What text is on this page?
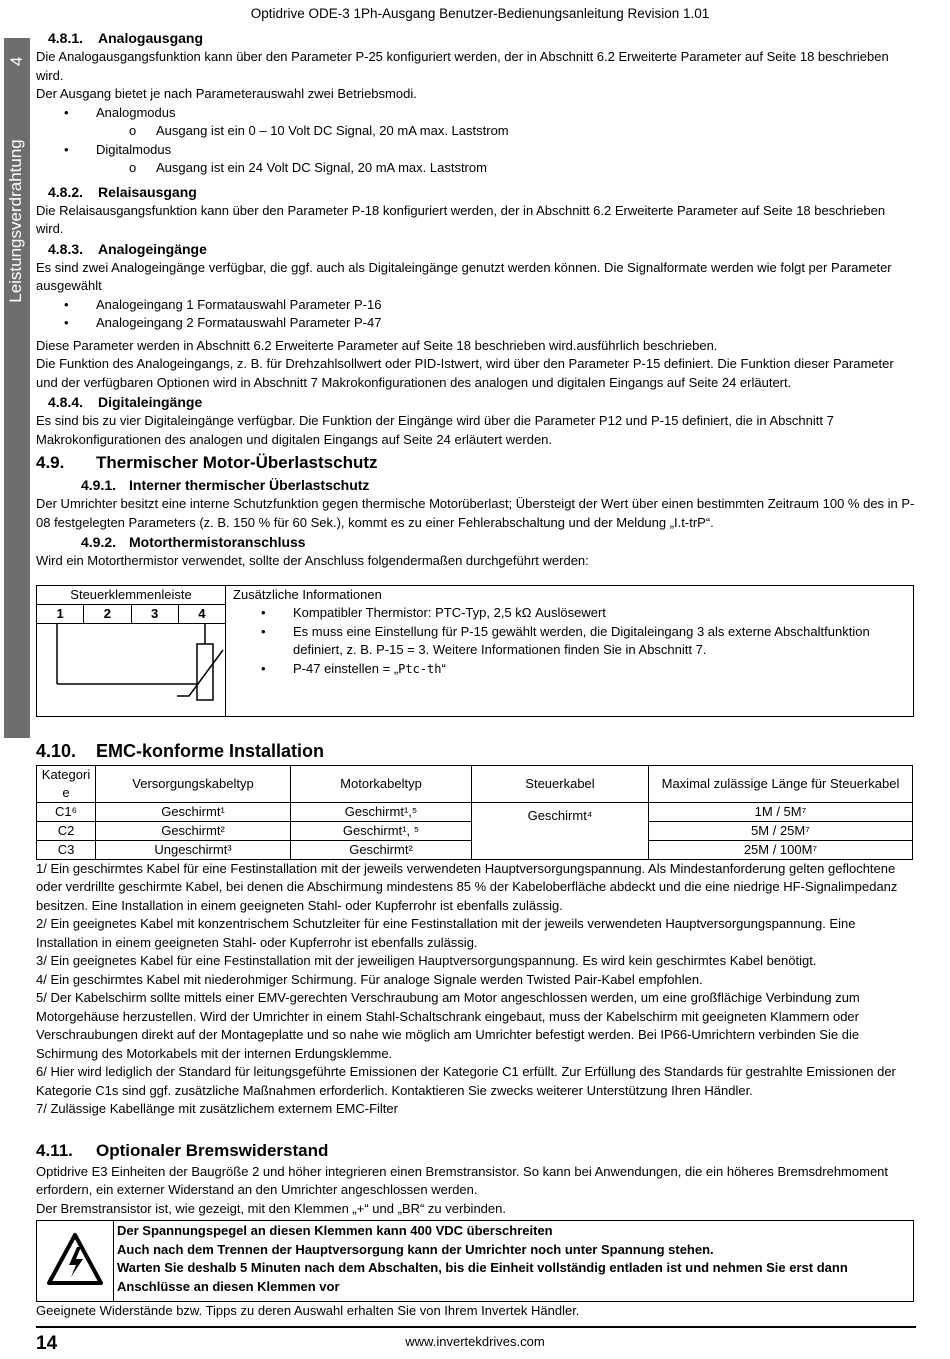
Optidrive ODE-3 1Ph-Ausgang Benutzer-Bedienungsanleitung Revision 1.01
4
Leistungsverdrahtung
4.8.1. Analogausgang

Die Analogausgangsfunktion kann über den Parameter P-25 konfiguriert werden, der in Abschnitt 6.2 Erweiterte Parameter auf Seite 18 beschrieben wird.

Der Ausgang bietet je nach Parameterauswahl zwei Betriebsmodi.

• Analogmodus
o Ausgang ist ein 0 – 10 Volt DC Signal, 20 mA max. Laststrom
• Digitalmodus
o Ausgang ist ein 24 Volt DC Signal, 20 mA max. Laststrom
4.8.2. Relaisausgang

Die Relaisausgangsfunktion kann über den Parameter P-18 konfiguriert werden, der in Abschnitt 6.2 Erweiterte Parameter auf Seite 18 beschrieben wird.

4.8.3. Analogeingänge

Es sind zwei Analogeingänge verfügbar, die ggf. auch als Digitaleingänge genutzt werden können. Die Signalformate werden wie folgt per Parameter ausgewählt

• Analogeingang 1 Formatauswahl Parameter P-16
• Analogeingang 2 Formatauswahl Parameter P-47

Diese Parameter werden in Abschnitt 6.2 Erweiterte Parameter auf Seite 18 beschrieben wird.ausführlich beschrieben.

Die Funktion des Analogeingangs, z. B. für Drehzahlsollwert oder PID-Istwert, wird über den Parameter P-15 definiert. Die Funktion dieser Parameter und der verfügbaren Optionen wird in Abschnitt 7 Makrokonfigurationen des analogen und digitalen Eingangs auf Seite 24 erläutert.

4.8.4. Digitaleingänge

Es sind bis zu vier Digitaleingänge verfügbar. Die Funktion der Eingänge wird über die Parameter P12 und P-15 definiert, die in Abschnitt 7 Makrokonfigurationen des analogen und digitalen Eingangs auf Seite 24 erläutert werden.

4.9. Thermischer Motor-Überlastschutz
4.9.1. Interner thermischer Überlastschutz

Der Umrichter besitzt eine interne Schutzfunktion gegen thermische Motorüberlast; Übersteigt der Wert über einen bestimmten Zeitraum 100 % des in P-08 festgelegten Parameters (z. B. 150 % für 60 Sek.), kommt es zu einer Fehlerabschaltung und der Meldung „I.t-trP“.

4.9.2. Motorthermistoranschluss

Wird ein Motorthermistor verwendet, sollte der Anschluss folgendermaßen durchgeführt werden:

Steuerklemmenleiste
1	2	3	4
Zusätzliche Informationen
• Kompatibler Thermistor: PTC-Typ, 2,5 kΩ Auslösewert
• Es muss eine Einstellung für P-15 gewählt werden, die Digitaleingang 3 als externe Abschaltfunktion definiert, z. B. P-15 = 3. Weitere Informationen finden Sie in Abschnitt 7.
• P-47 einstellen = „Ptc-th“
4.10. EMC-konforme Installation
Kategori e	Versorgungskabeltyp	Motorkabeltyp	Steuerkabel	Maximal zulässige Länge für Steuerkabel
C1⁶	Geschirmt¹	Geschirmt¹,⁵	Geschirmt⁴	1M / 5M⁷
C2	Geschirmt²	Geschirmt¹, ⁵		5M / 25M⁷
C3	Ungeschirmt³	Geschirmt²		25M / 100M⁷

1/ Ein geschirmtes Kabel für eine Festinstallation mit der jeweils verwendeten Hauptversorgungspannung. Als Mindestanforderung gelten geflochtene oder verdrillte geschirmte Kabel, bei denen die Abschirmung mindestens 85 % der Kabeloberfläche abdeckt und die eine niedrige HF-Signalimpedanz besitzen. Eine Installation in einem geeigneten Stahl- oder Kupferrohr ist ebenfalls zulässig.

2/ Ein geeignetes Kabel mit konzentrischem Schutzleiter für eine Festinstallation mit der jeweils verwendeten Hauptversorgungspannung. Eine Installation in einem geeigneten Stahl- oder Kupferrohr ist ebenfalls zulässig.

3/ Ein geeignetes Kabel für eine Festinstallation mit der jeweiligen Hauptversorgungspannung. Es wird kein geschirmtes Kabel benötigt.

4/ Ein geschirmtes Kabel mit niederohmiger Schirmung. Für analoge Signale werden Twisted Pair-Kabel empfohlen.

5/ Der Kabelschirm sollte mittels einer EMV-gerechten Verschraubung am Motor angeschlossen werden, um eine großflächige Verbindung zum Motorgehäuse herzustellen. Wird der Umrichter in einem Stahl-Schaltschrank eingebaut, muss der Kabelschirm mit geeigneten Klammern oder Verschraubungen direkt auf der Montageplatte und so nahe wie möglich am Umrichter befestigt werden. Bei IP66-Umrichtern verbinden Sie die Schirmung des Motorkabels mit der internen Erdungsklemme.

6/ Hier wird lediglich der Standard für leitungsgeführte Emissionen der Kategorie C1 erfüllt. Zur Erfüllung des Standards für gestrahlte Emissionen der Kategorie C1s sind ggf. zusätzliche Maßnahmen erforderlich. Kontaktieren Sie zwecks weiterer Unterstützung Ihren Händler.

7/ Zulässige Kabellänge mit zusätzlichem externem EMC-Filter

4.11. Optionaler Bremswiderstand

Optidrive E3 Einheiten der Baugröße 2 und höher integrieren einen Bremstransistor. So kann bei Anwendungen, die ein höheres Bremsdrehmoment erfordern, ein externer Widerstand an den Umrichter angeschlossen werden.

Der Bremstransistor ist, wie gezeigt, mit den Klemmen „+“ und „BR“ zu verbinden.

Der Spannungspegel an diesen Klemmen kann 400 VDC überschreiten

Auch nach dem Trennen der Hauptversorgung kann der Umrichter noch unter Spannung stehen.

Warten Sie deshalb 5 Minuten nach dem Abschalten, bis die Einheit vollständig entladen ist und nehmen Sie erst dann Anschlüsse an diesen Klemmen vor

Geeignete Widerstände bzw. Tipps zu deren Auswahl erhalten Sie von Ihrem Invertek Händler.

14	www.invertekdrives.com
